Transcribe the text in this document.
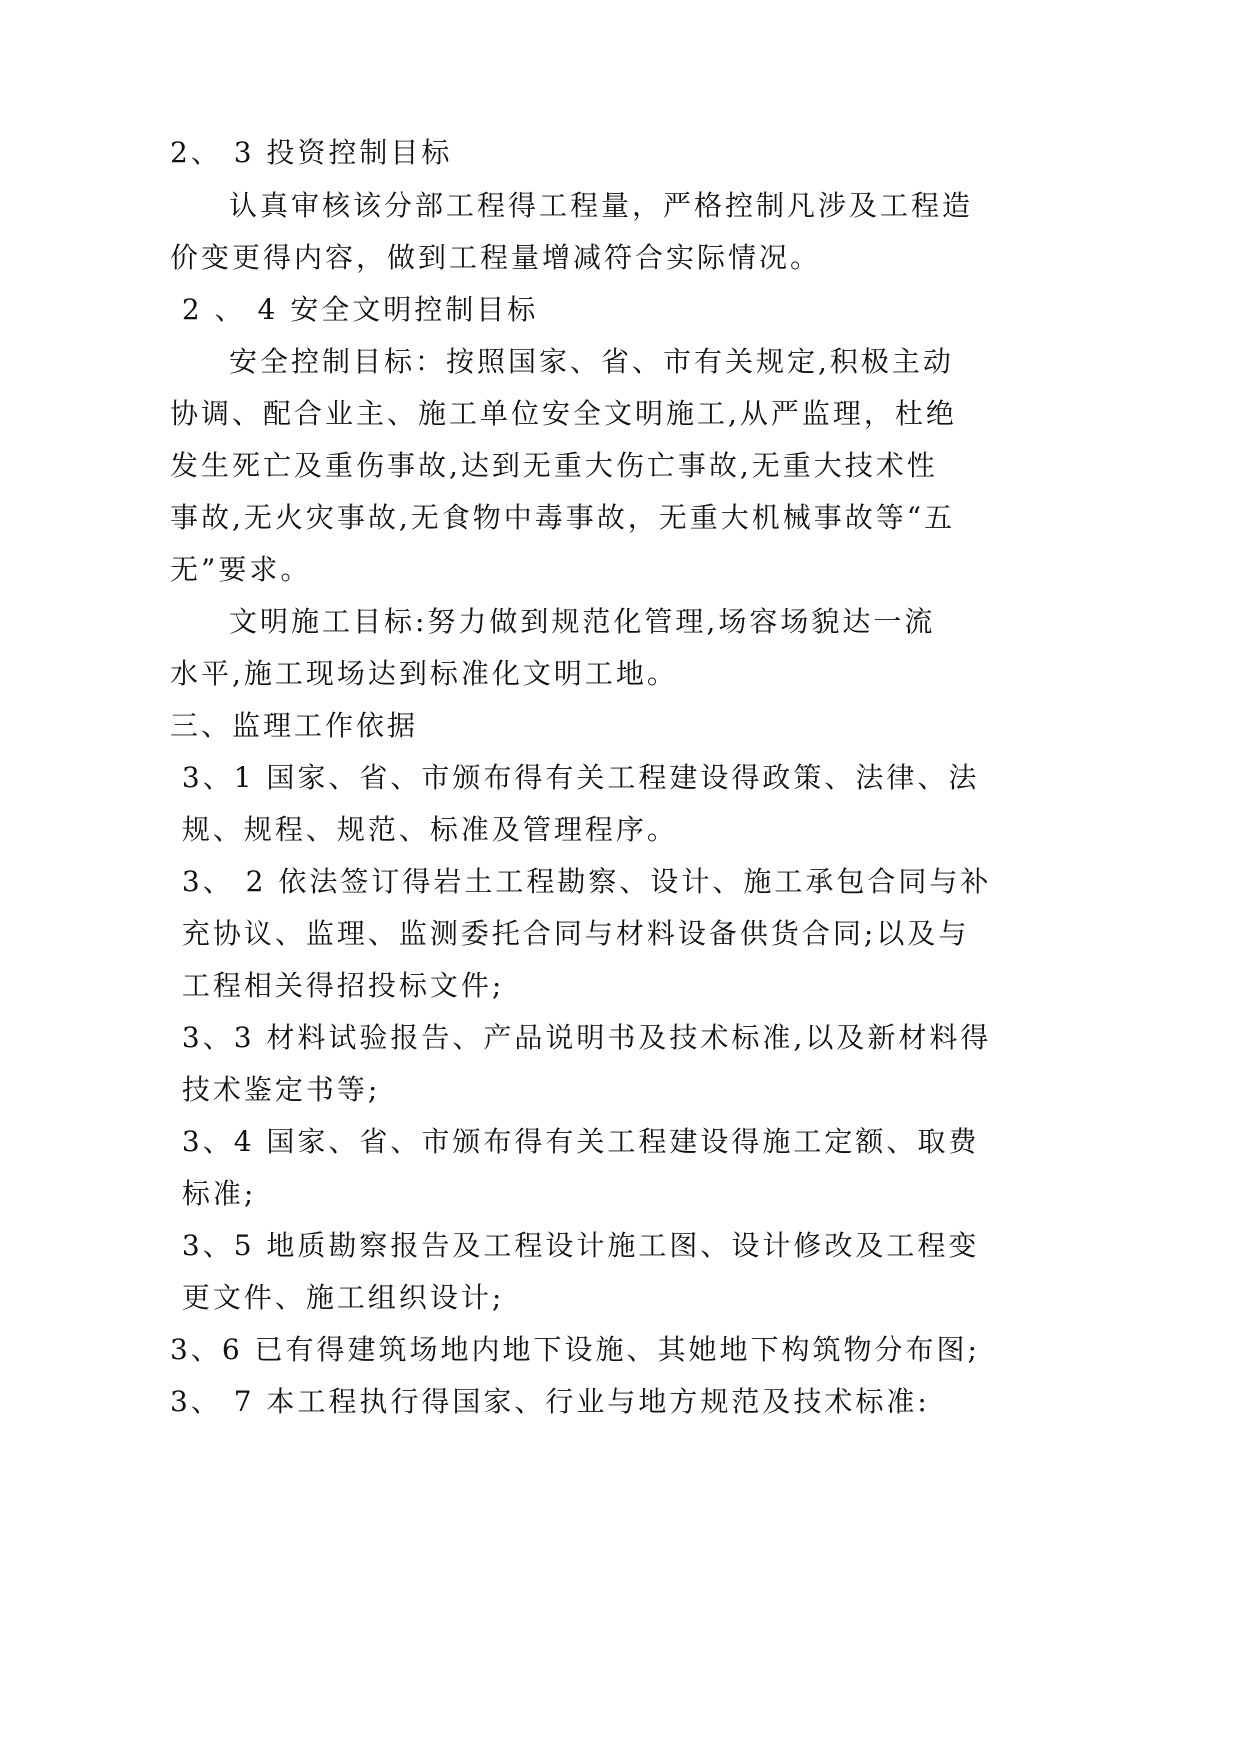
2、 3 投资控制目标
认真审核该分部工程得工程量，严格控制凡涉及工程造
价变更得内容，做到工程量增减符合实际情况。
2 、 4 安全文明控制目标
安全控制目标：按照国家、省、市有关规定,积极主动
协调、配合业主、施工单位安全文明施工,从严监理，杜绝
发生死亡及重伤事故,达到无重大伤亡事故,无重大技术性
事故,无火灾事故,无食物中毒事故，无重大机械事故等“五
无”要求。
文明施工目标:努力做到规范化管理,场容场貌达一流
水平,施工现场达到标准化文明工地。
三、监理工作依据
3、1 国家、省、市颁布得有关工程建设得政策、法律、法
规、规程、规范、标准及管理程序。
3、 2 依法签订得岩土工程勘察、设计、施工承包合同与补
充协议、监理、监测委托合同与材料设备供货合同;以及与
工程相关得招投标文件;
3、3 材料试验报告、产品说明书及技术标准,以及新材料得
技术鉴定书等;
3、4 国家、省、市颁布得有关工程建设得施工定额、取费
标准;
3、5 地质勘察报告及工程设计施工图、设计修改及工程变
更文件、施工组织设计;
3、6 已有得建筑场地内地下设施、其她地下构筑物分布图;
3、 7 本工程执行得国家、行业与地方规范及技术标准:
